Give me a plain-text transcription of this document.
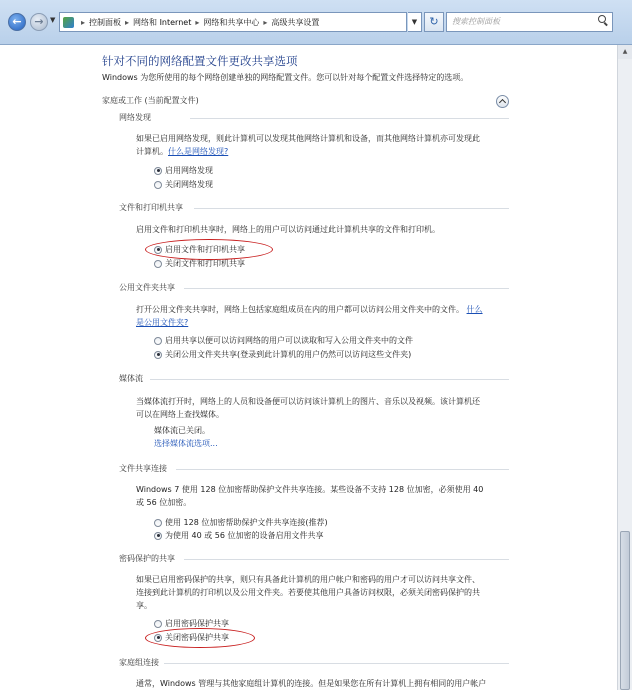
←	→ ▼	▸ 控制面板 ▸ 网络和 Internet ▸ 网络和共享中心 ▸ 高级共享设置	▼	↻	搜索控制面板
针对不同的网络配置文件更改共享选项
Windows 为您所使用的每个网络创建单独的网络配置文件。您可以针对每个配置文件选择特定的选项。
家庭或工作 (当前配置文件)
网络发现
如果已启用网络发现，则此计算机可以发现其他网络计算机和设备，而其他网络计算机亦可发现此
计算机。什么是网络发现?
启用网络发现
关闭网络发现
文件和打印机共享
启用文件和打印机共享时，网络上的用户可以访问通过此计算机共享的文件和打印机。
启用文件和打印机共享
关闭文件和打印机共享
公用文件夹共享
打开公用文件夹共享时，网络上包括家庭组成员在内的用户都可以访问公用文件夹中的文件。 什么
是公用文件夹?
启用共享以便可以访问网络的用户可以读取和写入公用文件夹中的文件
关闭公用文件夹共享(登录到此计算机的用户仍然可以访问这些文件夹)
媒体流
当媒体流打开时，网络上的人员和设备便可以访问该计算机上的图片、音乐以及视频。该计算机还
可以在网络上查找媒体。
媒体流已关闭。
选择媒体流选项...
文件共享连接
Windows 7 使用 128 位加密帮助保护文件共享连接。某些设备不支持 128 位加密，必须使用 40
或 56 位加密。
使用 128 位加密帮助保护文件共享连接(推荐)
为使用 40 或 56 位加密的设备启用文件共享
密码保护的共享
如果已启用密码保护的共享，则只有具备此计算机的用户帐户和密码的用户才可以访问共享文件、
连接到此计算机的打印机以及公用文件夹。若要使其他用户具备访问权限，必须关闭密码保护的共
享。
启用密码保护共享
关闭密码保护共享
家庭组连接
通常，Windows 管理与其他家庭组计算机的连接。但是如果您在所有计算机上拥有相同的用户帐户
▲
